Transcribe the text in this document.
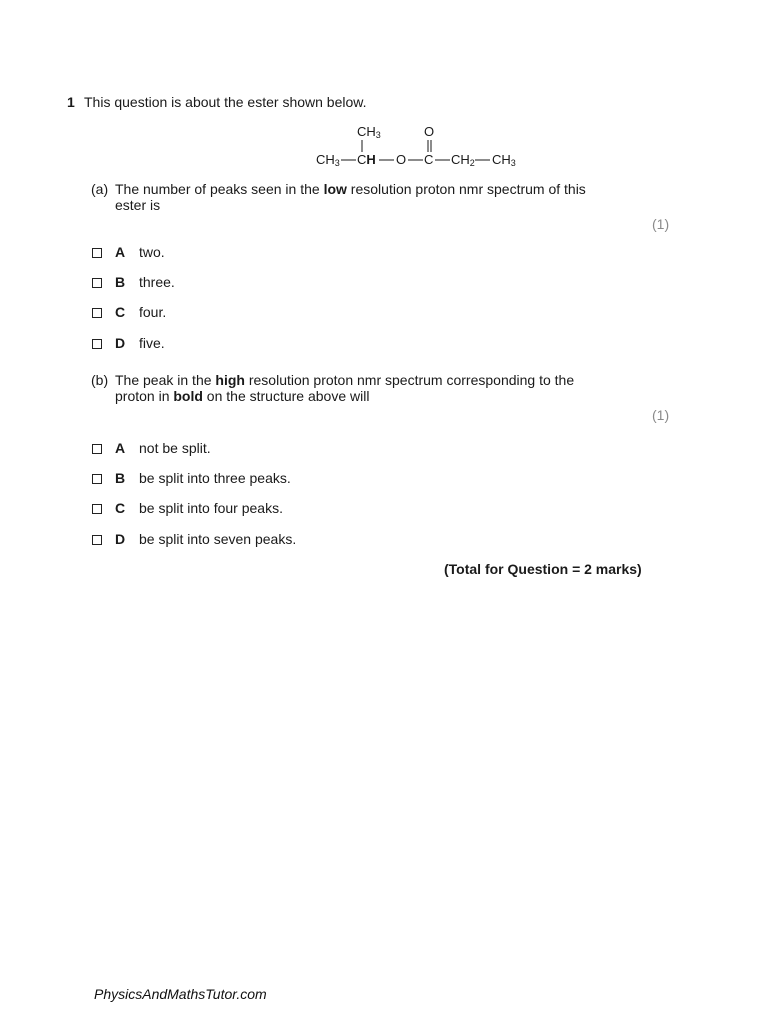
1 This question is about the ester shown below.
$CH_3$	O
$CH_3$ CH O C $CH_2$ $CH_3$
(a) The number of peaks seen in the low resolution proton nmr spectrum of this
ester is
(1)
A two.
B three.
C four.
D five.
(b) The peak in the high resolution proton nmr spectrum corresponding to the
proton in bold on the structure above will
(1)
A not be split.
B be split into three peaks.
C be split into four peaks.
D be split into seven peaks.
(Total for Question = 2 marks)
PhysicsAndMathsTutor.com
